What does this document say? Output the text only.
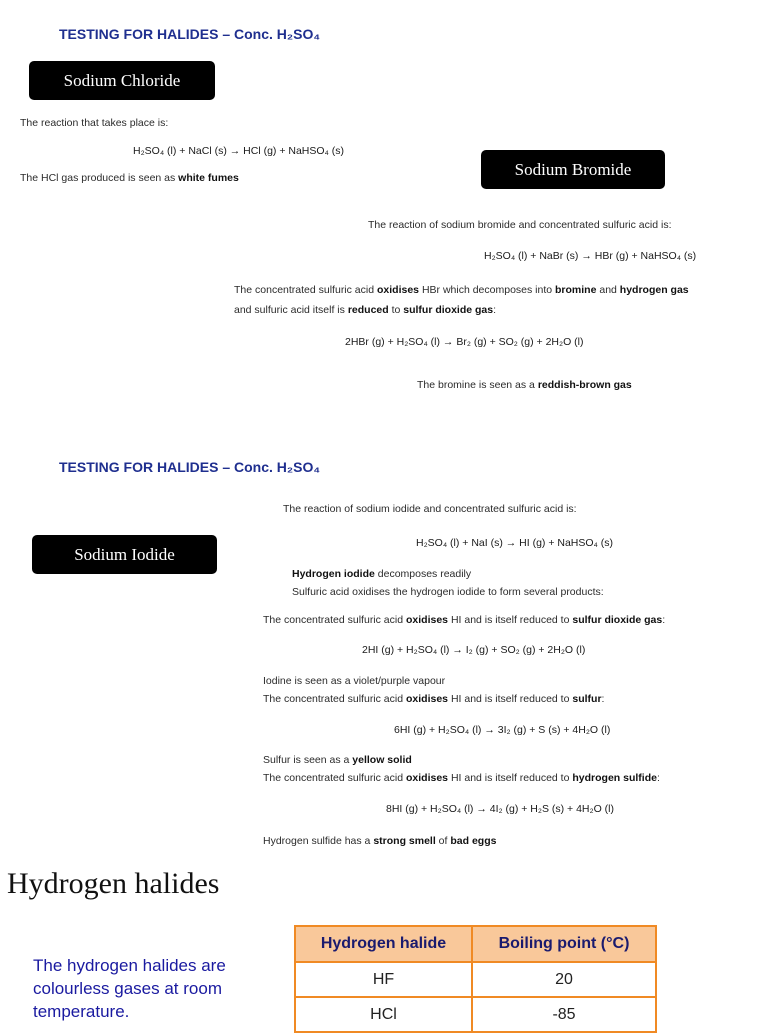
TESTING FOR HALIDES – Conc. H₂SO₄
Sodium Chloride
The reaction that takes place is:
H₂SO₄ (l) + NaCl (s) → HCl (g) + NaHSO₄ (s)
The HCl gas produced is seen as white fumes	Sodium Bromide
The reaction of sodium bromide and concentrated sulfuric acid is:
H₂SO₄ (l) + NaBr (s) → HBr (g) + NaHSO₄ (s)
The concentrated sulfuric acid oxidises HBr which decomposes into bromine and hydrogen gas
and sulfuric acid itself is reduced to sulfur dioxide gas:
2HBr (g) + H₂SO₄ (l) → Br₂ (g) + SO₂ (g) + 2H₂O (l)
The bromine is seen as a reddish-brown gas
TESTING FOR HALIDES – Conc. H₂SO₄
Sodium Iodide
The reaction of sodium iodide and concentrated sulfuric acid is:
H₂SO₄ (l) + NaI (s) → HI (g) + NaHSO₄ (s)
Hydrogen iodide decomposes readily
Sulfuric acid oxidises the hydrogen iodide to form several products:
The concentrated sulfuric acid oxidises HI and is itself reduced to sulfur dioxide gas:
2HI (g) + H₂SO₄ (l) → I₂ (g) + SO₂ (g) + 2H₂O (l)
Iodine is seen as a violet/purple vapour
The concentrated sulfuric acid oxidises HI and is itself reduced to sulfur:
6HI (g) + H₂SO₄ (l) → 3I₂ (g) + S (s) + 4H₂O (l)
Sulfur is seen as a yellow solid
The concentrated sulfuric acid oxidises HI and is itself reduced to hydrogen sulfide:
8HI (g) + H₂SO₄ (l) → 4I₂ (g) + H₂S (s) + 4H₂O (l)
Hydrogen sulfide has a strong smell of bad eggs
Hydrogen halides
The hydrogen halides are colourless gases at room temperature.
Hydrogen halide	Boiling point (°C)
HF	20
HCl	-85
